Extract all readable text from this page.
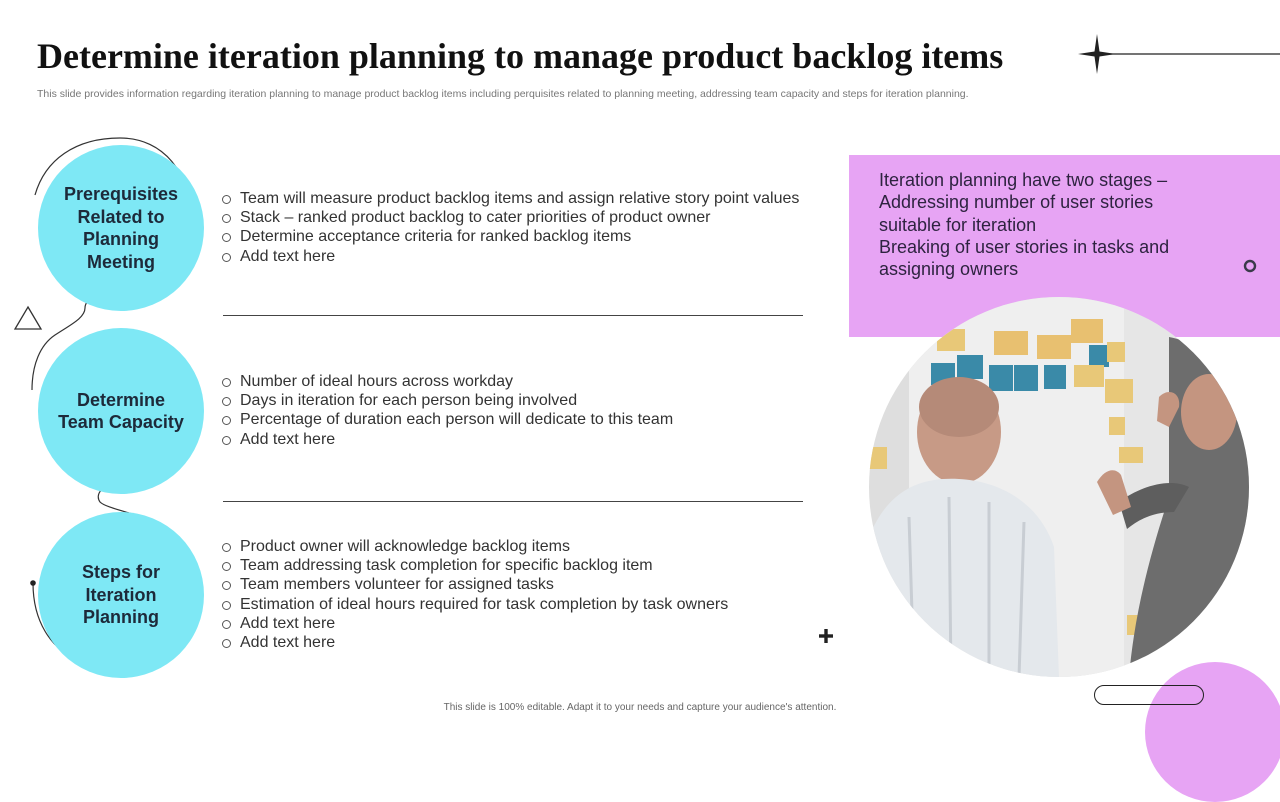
Determine iteration planning to manage product backlog items
This slide provides information regarding iteration planning to manage product backlog items including perquisites related to planning meeting, addressing team capacity and steps for iteration planning.
Prerequisites Related to Planning Meeting
Team will measure product backlog items and assign relative story point values
Stack – ranked product backlog to cater priorities of product owner
Determine acceptance criteria for ranked backlog items
Add text here
Determine Team Capacity
Number of ideal hours across workday
Days in iteration for each person being involved
Percentage of duration each person will dedicate to this team
Add text here
Steps for Iteration Planning
Product owner will acknowledge backlog items
Team addressing task completion for specific backlog item
Team members volunteer for assigned tasks
Estimation of ideal hours required for task completion by task owners
Add text here
Add text here
Iteration planning have two stages –
Addressing number of user stories suitable for iteration
Breaking of user stories in tasks and assigning owners
This slide is 100% editable. Adapt it to your needs and capture your audience's attention.
